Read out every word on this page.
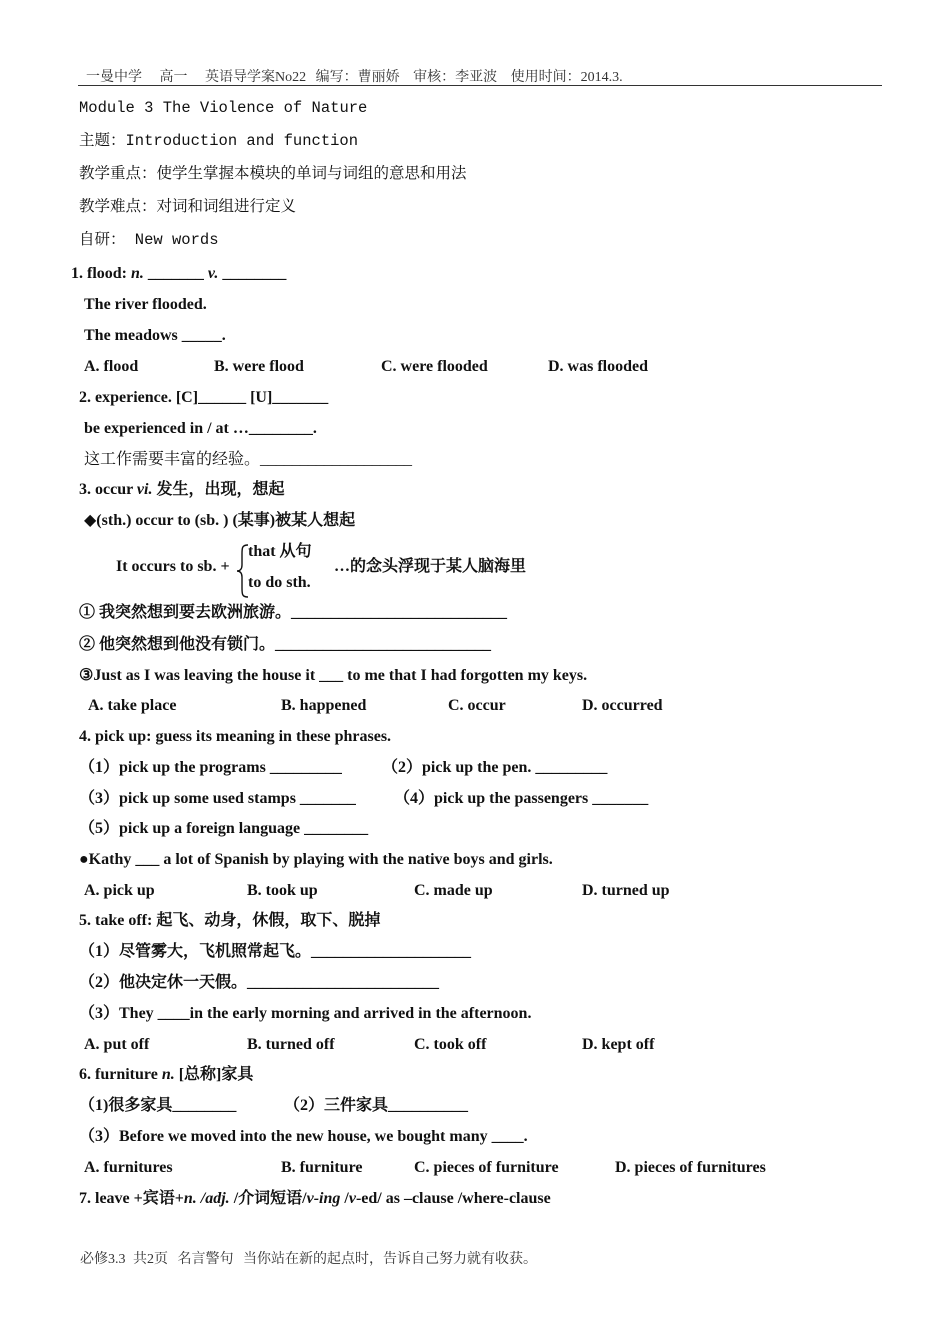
一曼中学 高一 英语导学案No22 编写：曹丽娇 审核：李亚波 使用时间：2014.3.
Module 3 The Violence of Nature
主题：Introduction and function
教学重点：使学生掌握本模块的单词与词组的意思和用法
教学难点：对词和词组进行定义
自研： New words
1. flood: n. _______ v. ________
The river flooded.
The meadows _____.
A. flood	B. were flood	C. were flooded	D. was flooded
2. experience. [C]______ [U]_______
be experienced in / at …________.
这工作需要丰富的经验。___________________
3. occur vi. 发生，出现，想起
◆(sth.) occur to (sb. ) (某事)被某人想起
It occurs to sb. +
that 从句
to do sth.
…的念头浮现于某人脑海里
① 我突然想到要去欧洲旅游。___________________________
② 他突然想到他没有锁门。___________________________
③Just as I was leaving the house it ___ to me that I had forgotten my keys.
A. take place	B. happened	C. occur	D. occurred
4. pick up: guess its meaning in these phrases.
（1）pick up the programs _________	（2）pick up the pen. _________
（3）pick up some used stamps _______ （4）pick up the passengers _______
（5）pick up a foreign language ________
●Kathy ___ a lot of Spanish by playing with the native boys and girls.
A. pick up	B. took up	C. made up	D. turned up
5. take off: 起飞、动身，休假，取下、脱掉
（1）尽管雾大，飞机照常起飞。____________________
（2）他决定休一天假。________________________
（3）They ____in the early morning and arrived in the afternoon.
A. put off	B. turned off	C. took off	D. kept off
6. furniture n. [总称]家具
（1)很多家具________	（2）三件家具__________
（3）Before we moved into the new house, we bought many ____.
A. furnitures	B. furniture	C. pieces of furniture	D. pieces of furnitures
7. leave +宾语+n. /adj. /介词短语/v-ing /v-ed/ as –clause /where-clause
必修3.3 共2页 名言警句 当你站在新的起点时，告诉自己努力就有收获。
